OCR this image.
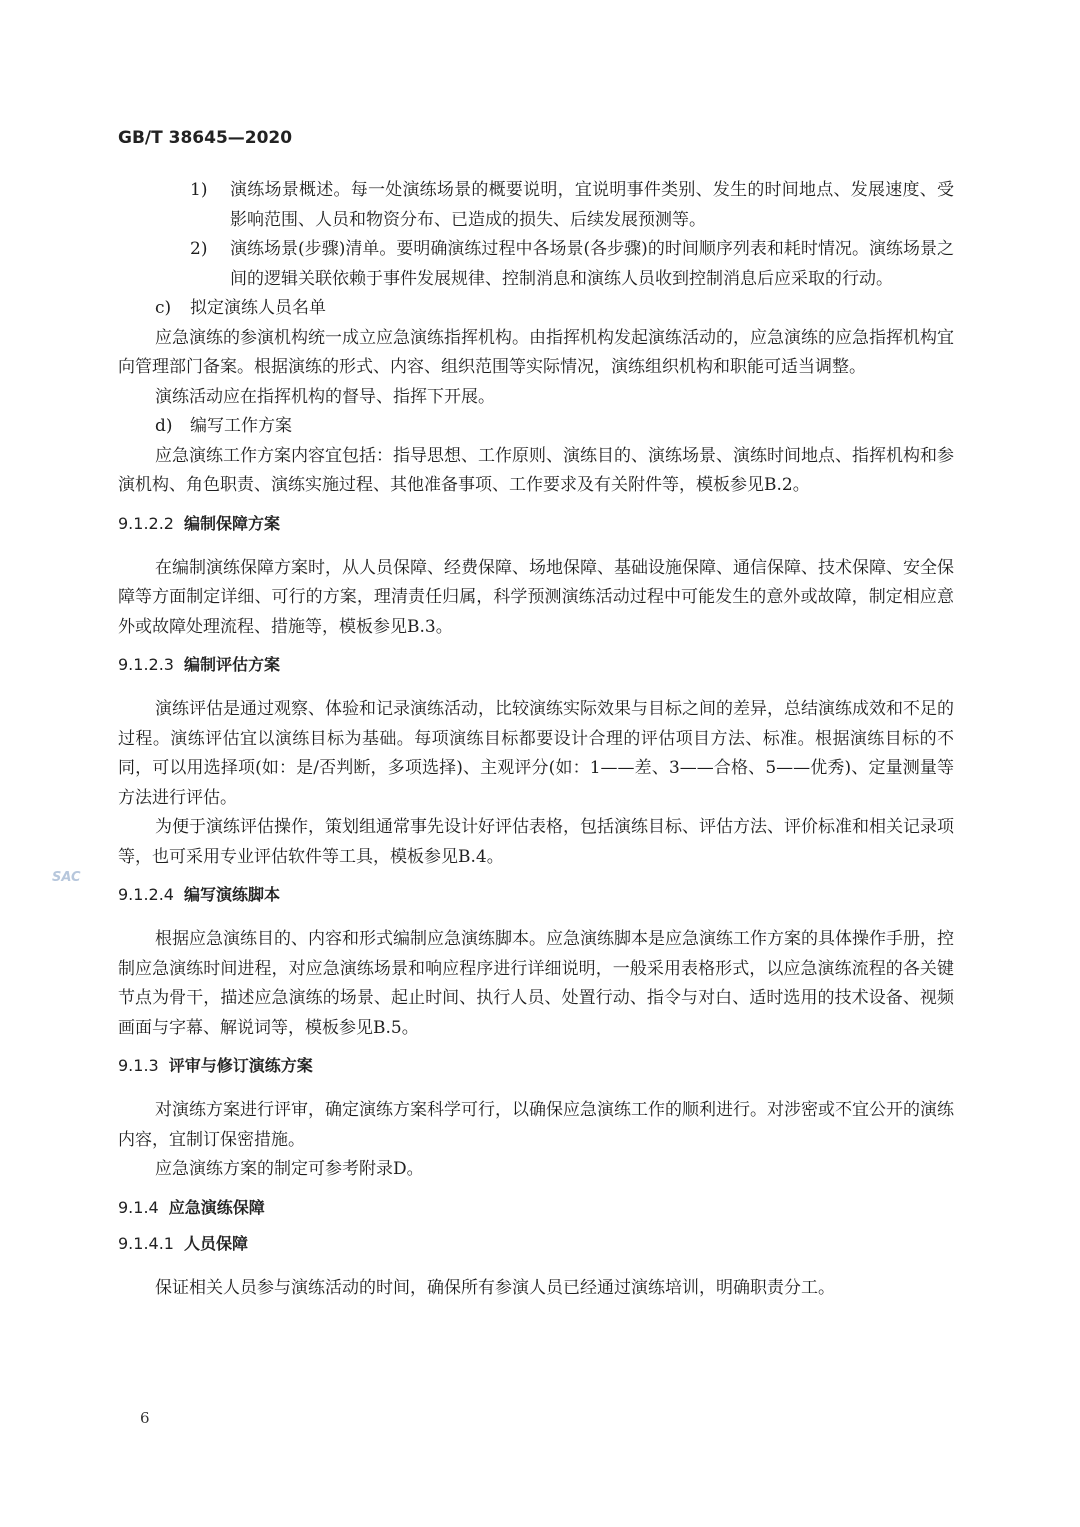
GB/T 38645—2020
SAC

1) 演练场景概述。每一处演练场景的概要说明，宜说明事件类别、发生的时间地点、发展速度、受影响范围、人员和物资分布、已造成的损失、后续发展预测等。

2) 演练场景(步骤)清单。要明确演练过程中各场景(各步骤)的时间顺序列表和耗时情况。演练场景之间的逻辑关联依赖于事件发展规律、控制消息和演练人员收到控制消息后应采取的行动。

c) 拟定演练人员名单

应急演练的参演机构统一成立应急演练指挥机构。由指挥机构发起演练活动的，应急演练的应急指挥机构宜向管理部门备案。根据演练的形式、内容、组织范围等实际情况，演练组织机构和职能可适当调整。

演练活动应在指挥机构的督导、指挥下开展。

d) 编写工作方案

应急演练工作方案内容宜包括：指导思想、工作原则、演练目的、演练场景、演练时间地点、指挥机构和参演机构、角色职责、演练实施过程、其他准备事项、工作要求及有关附件等，模板参见B.2。

9.1.2.2 编制保障方案

在编制演练保障方案时，从人员保障、经费保障、场地保障、基础设施保障、通信保障、技术保障、安全保障等方面制定详细、可行的方案，理清责任归属，科学预测演练活动过程中可能发生的意外或故障，制定相应意外或故障处理流程、措施等，模板参见B.3。

9.1.2.3 编制评估方案

演练评估是通过观察、体验和记录演练活动，比较演练实际效果与目标之间的差异，总结演练成效和不足的过程。演练评估宜以演练目标为基础。每项演练目标都要设计合理的评估项目方法、标准。根据演练目标的不同，可以用选择项(如：是/否判断，多项选择)、主观评分(如：1——差、3——合格、5——优秀)、定量测量等方法进行评估。

为便于演练评估操作，策划组通常事先设计好评估表格，包括演练目标、评估方法、评价标准和相关记录项等，也可采用专业评估软件等工具，模板参见B.4。

9.1.2.4 编写演练脚本

根据应急演练目的、内容和形式编制应急演练脚本。应急演练脚本是应急演练工作方案的具体操作手册，控制应急演练时间进程，对应急演练场景和响应程序进行详细说明，一般采用表格形式，以应急演练流程的各关键节点为骨干，描述应急演练的场景、起止时间、执行人员、处置行动、指令与对白、适时选用的技术设备、视频画面与字幕、解说词等，模板参见B.5。

9.1.3 评审与修订演练方案

对演练方案进行评审，确定演练方案科学可行，以确保应急演练工作的顺利进行。对涉密或不宜公开的演练内容，宜制订保密措施。

应急演练方案的制定可参考附录D。

9.1.4 应急演练保障
9.1.4.1 人员保障

保证相关人员参与演练活动的时间，确保所有参演人员已经通过演练培训，明确职责分工。

6
